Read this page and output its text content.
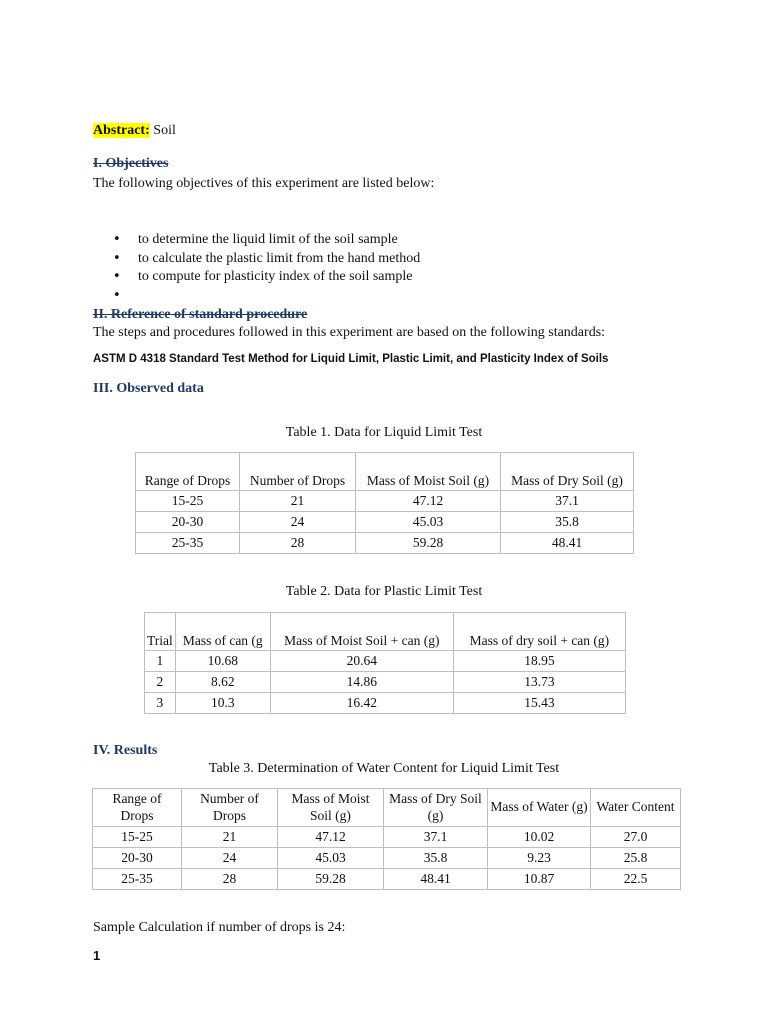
Abstract: Soil
I. Objectives
The following objectives of this experiment are listed below:
• to determine the liquid limit of the soil sample
• to calculate the plastic limit from the hand method
• to compute for plasticity index of the soil sample
•
II. Reference of standard procedure
The steps and procedures followed in this experiment are based on the following standards:
ASTM D 4318 Standard Test Method for Liquid Limit, Plastic Limit, and Plasticity Index of Soils
III. Observed data
Table 1. Data for Liquid Limit Test
Range of Drops	Number of Drops	Mass of Moist Soil (g)	Mass of Dry Soil (g)
15-25	21	47.12	37.1
20-30	24	45.03	35.8
25-35	28	59.28	48.41
Table 2. Data for Plastic Limit Test
Trial	Mass of can (g	Mass of Moist Soil + can (g)	Mass of dry soil + can (g)
1	10.68	20.64	18.95
2	8.62	14.86	13.73
3	10.3	16.42	15.43
IV. Results
Table 3. Determination of Water Content for Liquid Limit Test
Range of Drops	Number of Drops	Mass of Moist Soil (g)	Mass of Dry Soil (g)	Mass of Water (g)	Water Content
15-25	21	47.12	37.1	10.02	27.0
20-30	24	45.03	35.8	9.23	25.8
25-35	28	59.28	48.41	10.87	22.5
Sample Calculation if number of drops is 24:
1
